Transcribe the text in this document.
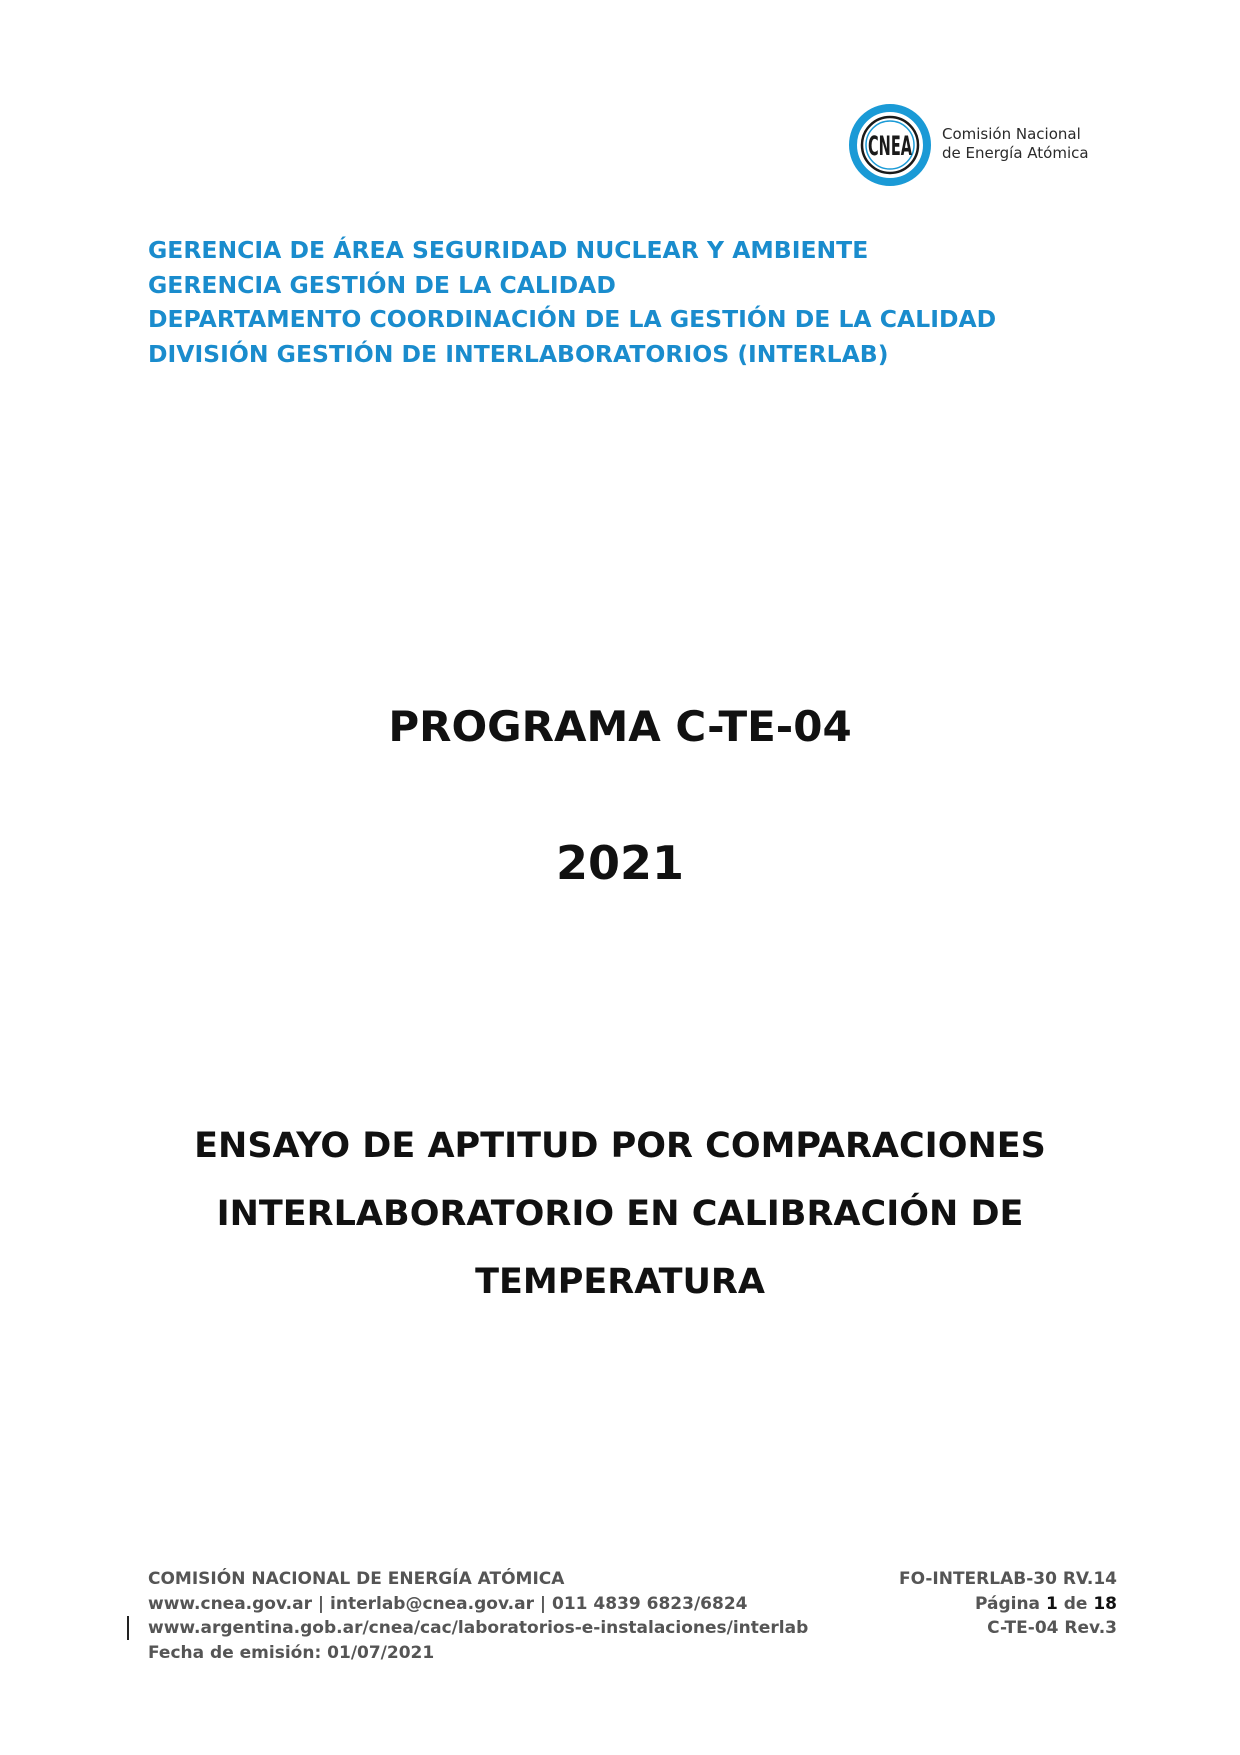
CNEA Comisión Nacional
de Energía Atómica
GERENCIA DE ÁREA SEGURIDAD NUCLEAR Y AMBIENTE
GERENCIA GESTIÓN DE LA CALIDAD
DEPARTAMENTO COORDINACIÓN DE LA GESTIÓN DE LA CALIDAD
DIVISIÓN GESTIÓN DE INTERLABORATORIOS (INTERLAB)
PROGRAMA C-TE-04
2021
ENSAYO DE APTITUD POR COMPARACIONES
INTERLABORATORIO EN CALIBRACIÓN DE
TEMPERATURA
COMISIÓN NACIONAL DE ENERGÍA ATÓMICA
www.cnea.gov.ar | interlab@cnea.gov.ar | 011 4839 6823/6824
www.argentina.gob.ar/cnea/cac/laboratorios-e-instalaciones/interlab
Fecha de emisión: 01/07/2021
FO-INTERLAB-30 RV.14
Página 1 de 18
C-TE-04 Rev.3
